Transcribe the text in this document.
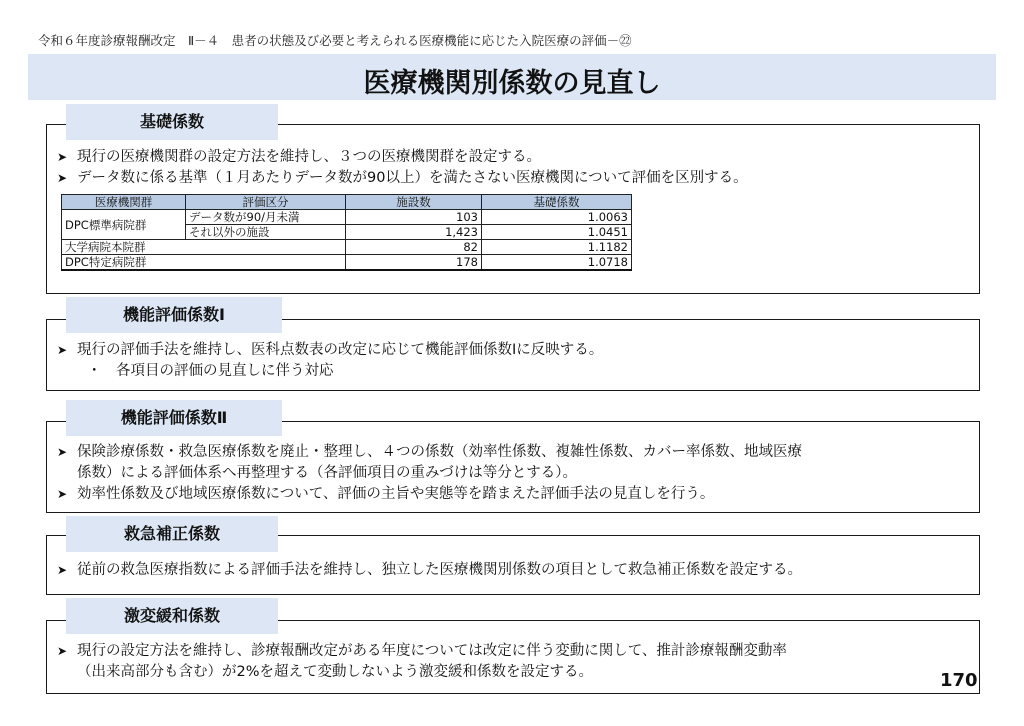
令和６年度診療報酬改定　Ⅱ－４　患者の状態及び必要と考えられる医療機能に応じた入院医療の評価－㉒
医療機関別係数の見直し
➤ 現行の医療機関群の設定方法を維持し、３つの医療機関群を設定する。
➤ データ数に係る基準（１月あたりデータ数が90以上）を満たさない医療機関について評価を区別する。
医療機関群	評価区分	施設数	基礎係数
DPC標準病院群	データ数が90/月未満	103	1.0063
	それ以外の施設	1,423	1.0451
大学病院本院群		82	1.1182
DPC特定病院群		178	1.0718
基礎係数
➤ 現行の評価手法を維持し、医科点数表の改定に応じて機能評価係数Ⅰに反映する。
・　各項目の評価の見直しに伴う対応
機能評価係数Ⅰ
➤ 保険診療係数・救急医療係数を廃止・整理し、４つの係数（効率性係数、複雑性係数、カバー率係数、地域医療
係数）による評価体系へ再整理する（各評価項目の重みづけは等分とする）。
➤ 効率性係数及び地域医療係数について、評価の主旨や実態等を踏まえた評価手法の見直しを行う。
機能評価係数Ⅱ
➤ 従前の救急医療指数による評価手法を維持し、独立した医療機関別係数の項目として救急補正係数を設定する。
救急補正係数
➤ 現行の設定方法を維持し、診療報酬改定がある年度については改定に伴う変動に関して、推計診療報酬変動率
（出来高部分も含む）が2%を超えて変動しないよう激変緩和係数を設定する。
激変緩和係数
170
